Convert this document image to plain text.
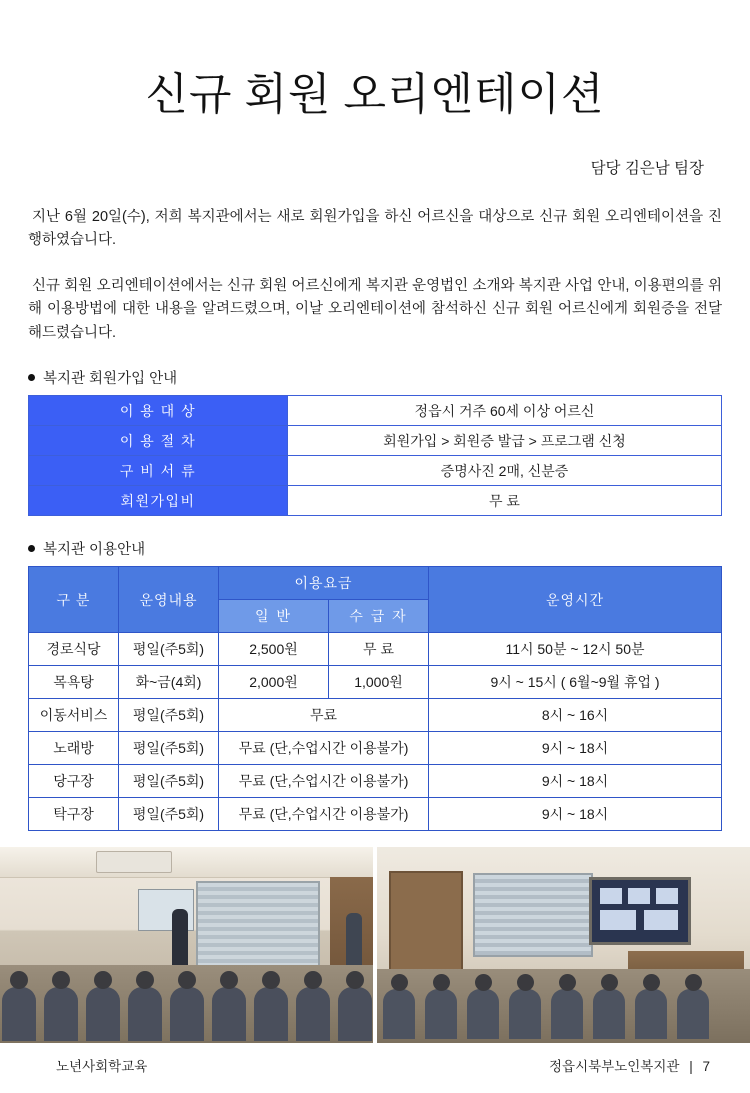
신규 회원 오리엔테이션
담당 김은남 팀장

지난 6월 20일(수), 저희 복지관에서는 새로 회원가입을 하신 어르신을 대상으로 신규 회원 오리엔테이션을 진행하였습니다.

신규 회원 오리엔테이션에서는 신규 회원 어르신에게 복지관 운영법인 소개와 복지관 사업 안내, 이용편의를 위해 이용방법에 대한 내용을 알려드렸으며, 이날 오리엔테이션에 참석하신 신규 회원 어르신에게 회원증을 전달해드렸습니다.

복지관 회원가입 안내
이 용 대 상	정읍시 거주 60세 이상 어르신
이 용 절 차	회원가입 > 회원증 발급 > 프로그램 신청
구 비 서 류	증명사진 2매, 신분증
회원가입비	무 료
복지관 이용안내
구 분	운영내용	이용요금		운영시간
		일 반	수 급 자	
경로식당	평일(주5회)	2,500원	무 료	11시 50분 ~ 12시 50분
목욕탕	화~금(4회)	2,000원	1,000원	9시 ~ 15시 ( 6월~9월 휴업 )
이동서비스	평일(주5회)	무료		8시 ~ 16시
노래방	평일(주5회)	무료 (단,수업시간 이용불가)		9시 ~ 18시
당구장	평일(주5회)	무료 (단,수업시간 이용불가)		9시 ~ 18시
탁구장	평일(주5회)	무료 (단,수업시간 이용불가)		9시 ~ 18시
노년사회학교육	정읍시북부노인복지관 | 7
